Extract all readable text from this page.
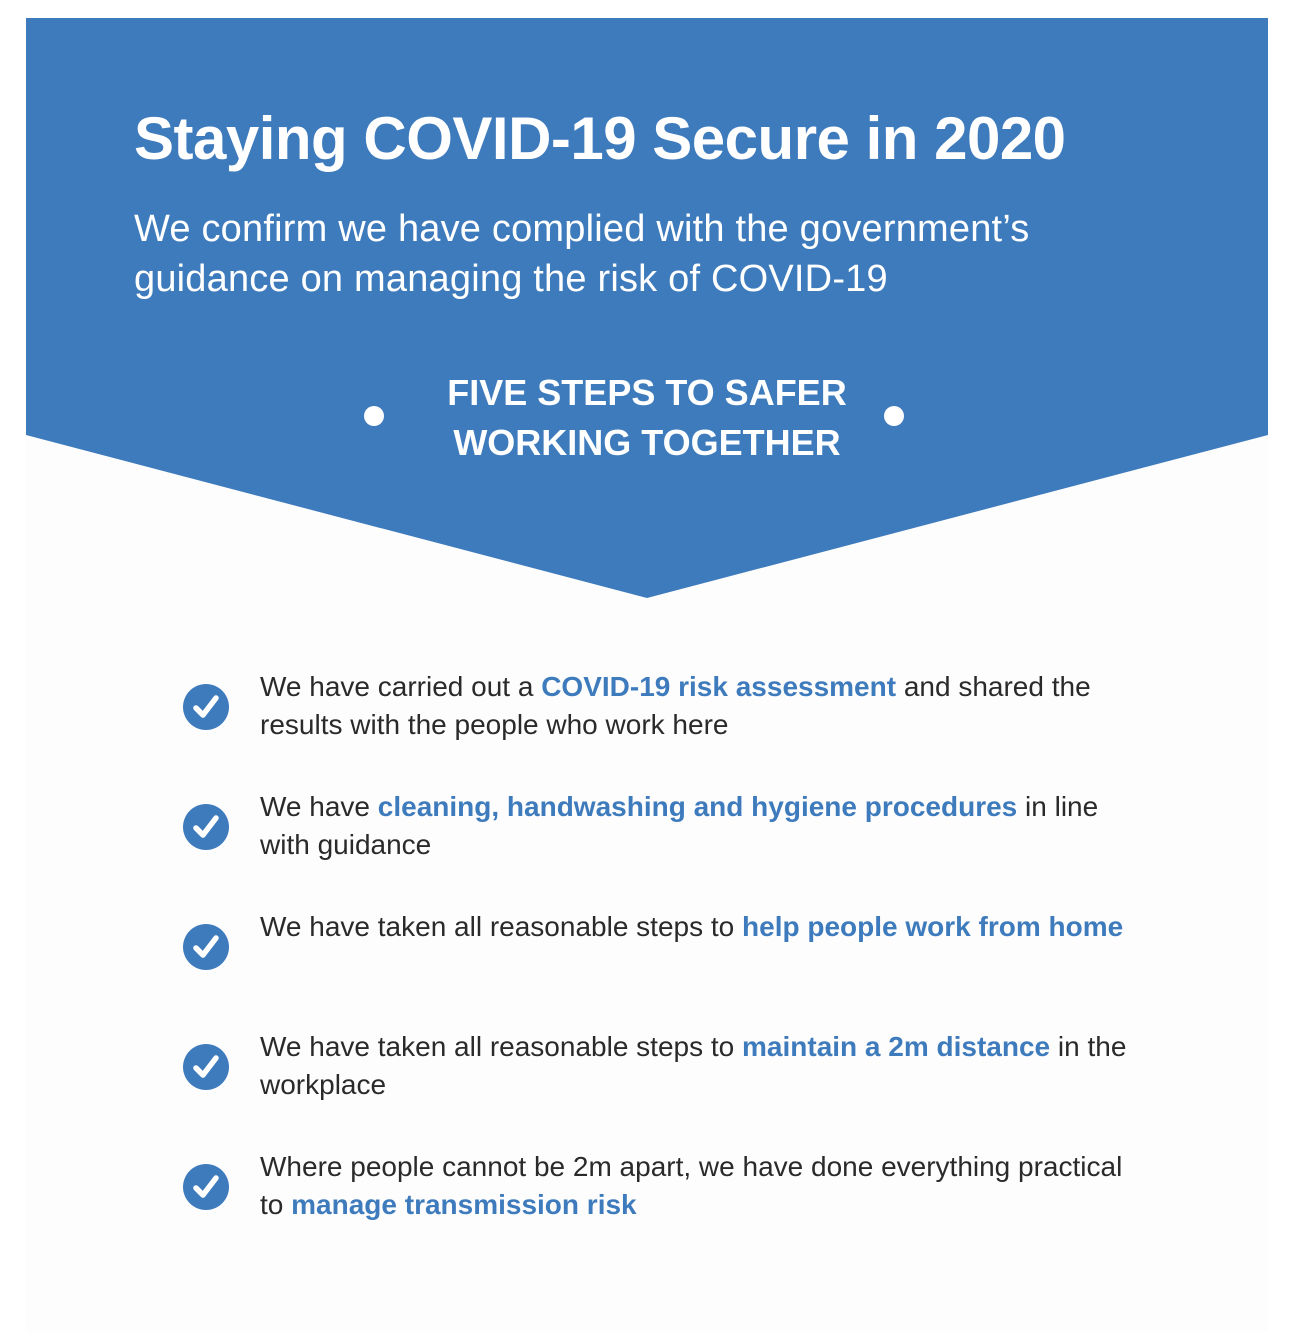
Staying COVID-19 Secure in 2020

We confirm we have complied with the government’s
guidance on managing the risk of COVID-19

FIVE STEPS TO SAFER
WORKING TOGETHER

We have carried out a COVID-19 risk assessment and shared the results with the people who work here

We have cleaning, handwashing and hygiene procedures in line with guidance

We have taken all reasonable steps to help people work from home

We have taken all reasonable steps to maintain a 2m distance in the workplace

Where people cannot be 2m apart, we have done everything practical to manage transmission risk
